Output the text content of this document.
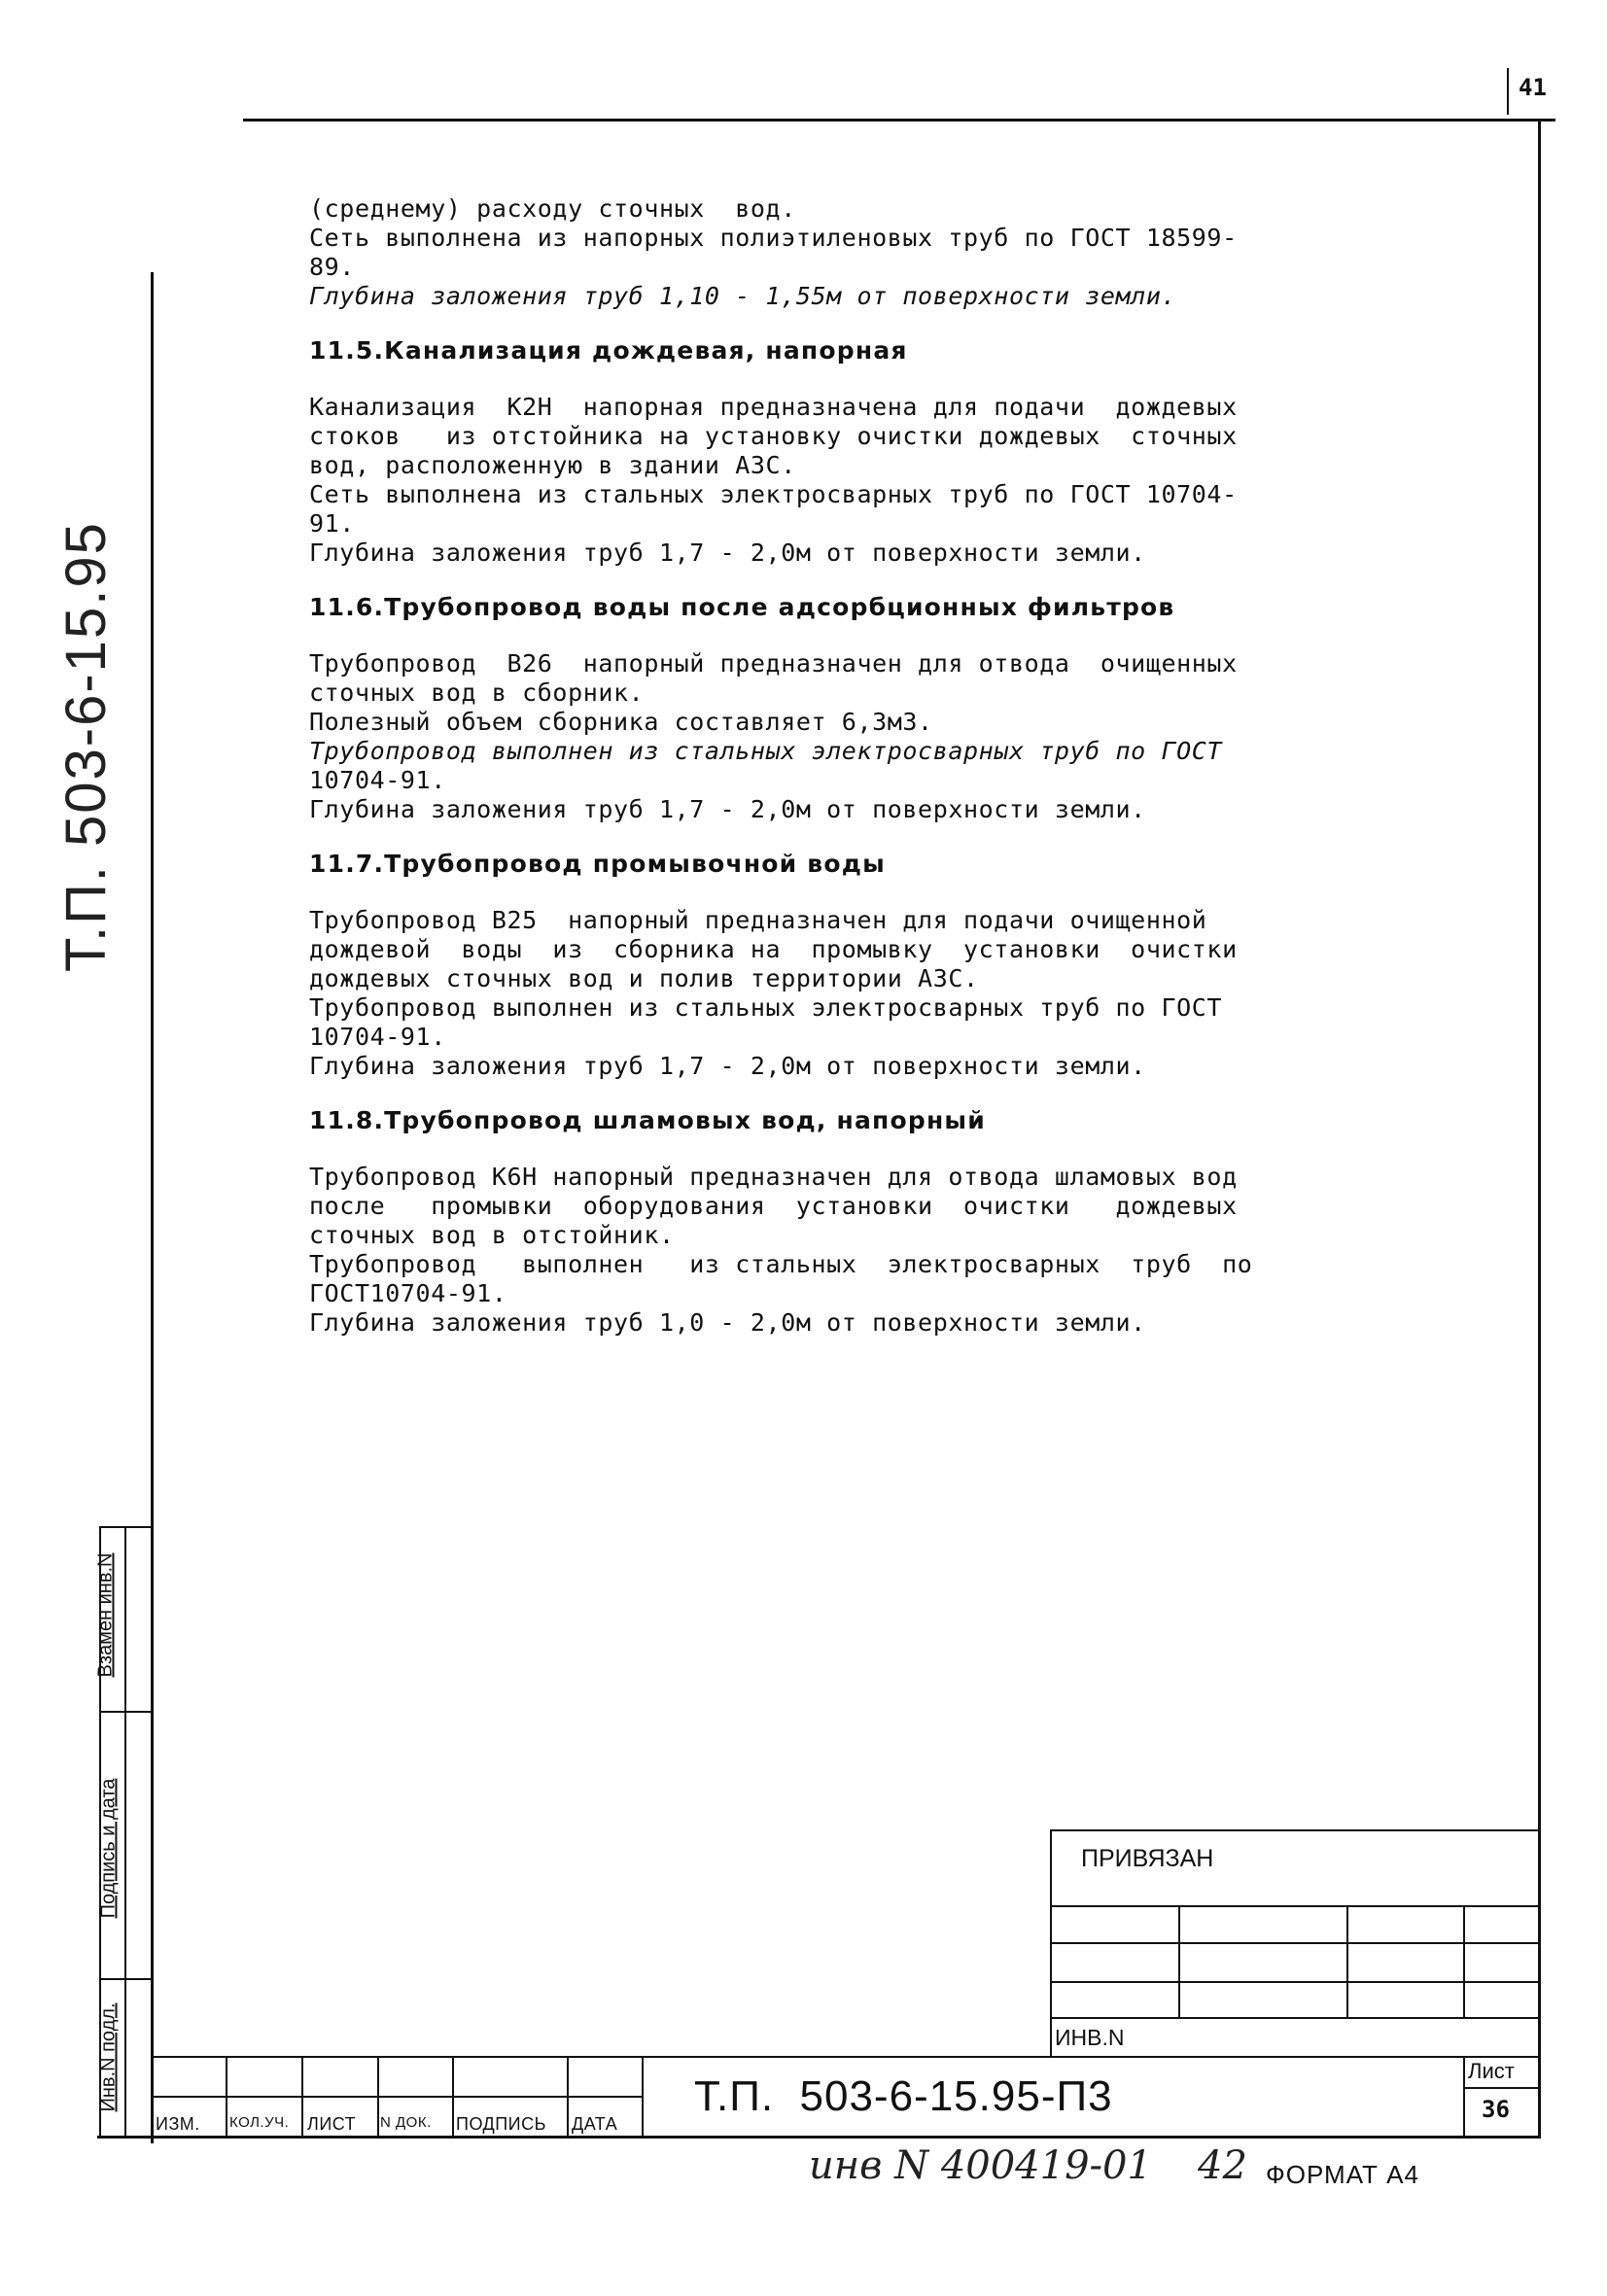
41
Т.П. 503-6-15.95
Взамен инв.N
Подпись и дата
Инв.N подл.
(среднему) расходу сточных  вод.
Сеть выполнена из напорных полиэтиленовых труб по ГОСТ 18599-
89.
Глубина заложения труб 1,10 - 1,55м от поверхности земли.
11.5.Канализация дождевая, напорная
Канализация  К2Н  напорная предназначена для подачи  дождевых
стоков   из отстойника на установку очистки дождевых  сточных
вод, расположенную в здании АЗС.
Сеть выполнена из стальных электросварных труб по ГОСТ 10704-
91.
Глубина заложения труб 1,7 - 2,0м от поверхности земли.
11.6.Трубопровод воды после адсорбционных фильтров
Трубопровод  В26  напорный предназначен для отвода  очищенных
сточных вод в сборник.
Полезный объем сборника составляет 6,3м3.
Трубопровод выполнен из стальных электросварных труб по ГОСТ
10704-91.
Глубина заложения труб 1,7 - 2,0м от поверхности земли.
11.7.Трубопровод промывочной воды
Трубопровод В25  напорный предназначен для подачи очищенной
дождевой  воды  из  сборника на  промывку  установки  очистки
дождевых сточных вод и полив территории АЗС.
Трубопровод выполнен из стальных электросварных труб по ГОСТ
10704-91.
Глубина заложения труб 1,7 - 2,0м от поверхности земли.
11.8.Трубопровод шламовых вод, напорный
Трубопровод К6Н напорный предназначен для отвода шламовых вод
после   промывки  оборудования  установки  очистки   дождевых
сточных вод в отстойник.
Трубопровод   выполнен   из стальных  электросварных  труб  по
ГОСТ10704-91.
Глубина заложения труб 1,0 - 2,0м от поверхности земли.
ПРИВЯЗАН
ИНВ.N
ИЗМ. КОЛ.УЧ. ЛИСТ N ДОК. ПОДПИСЬ ДАТА
Т.П.  503-6-15.95-П3
Лист
36
инв N 400419-01 42 ФОРМАТ А4
